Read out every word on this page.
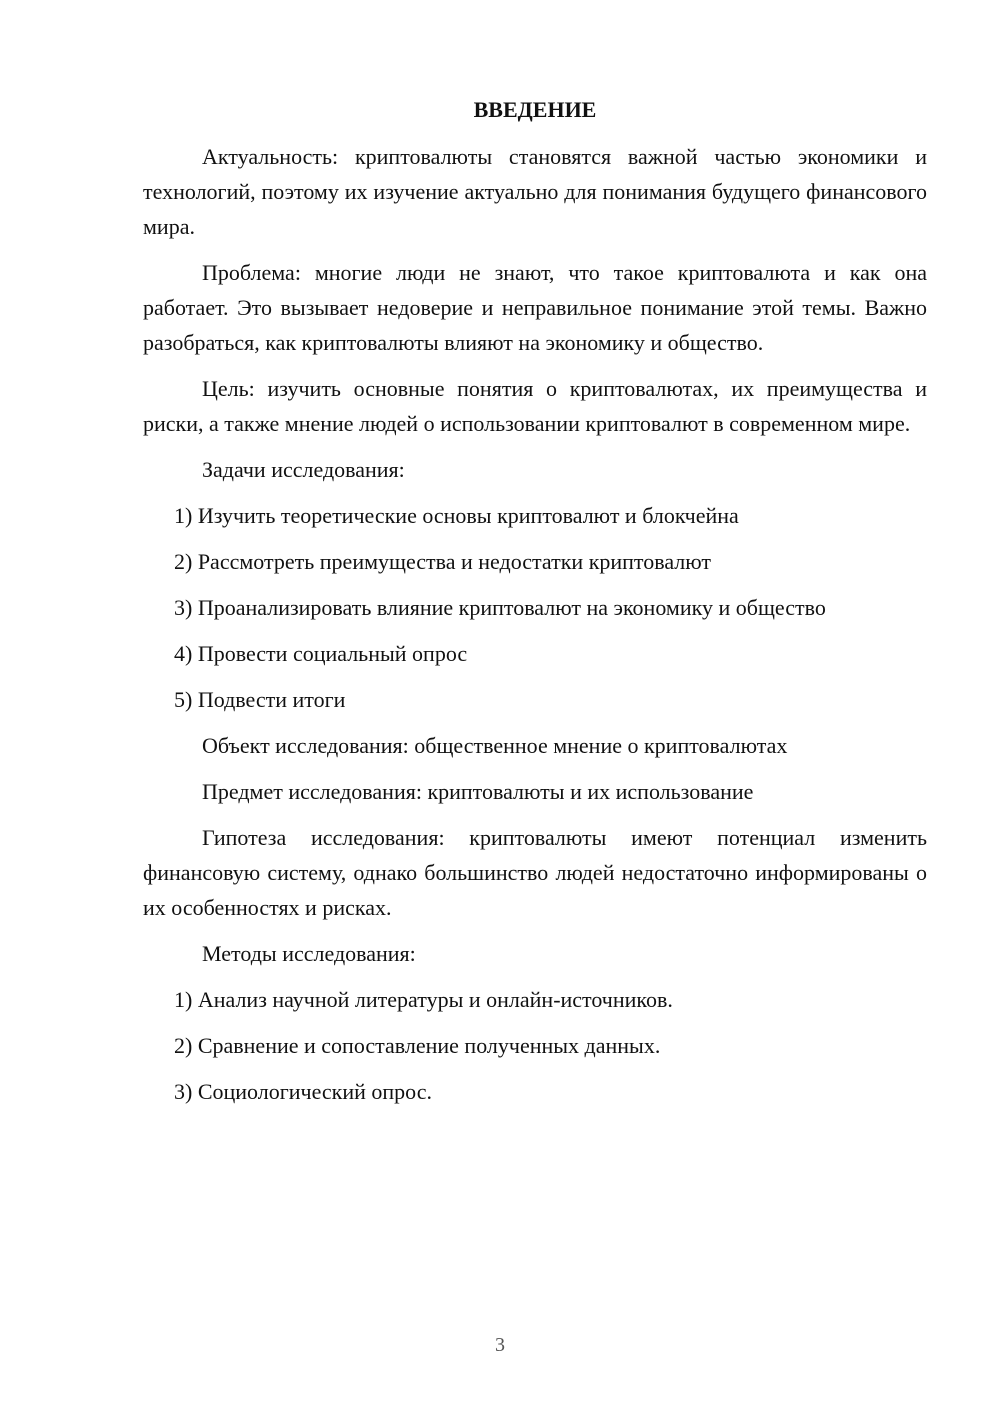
ВВЕДЕНИЕ

Актуальность: криптовалюты становятся важной частью экономики и технологий, поэтому их изучение актуально для понимания будущего финансового мира.

Проблема: многие люди не знают, что такое криптовалюта и как она работает. Это вызывает недоверие и неправильное понимание этой темы. Важно разобраться, как криптовалюты влияют на экономику и общество.

Цель: изучить основные понятия о криптовалютах, их преимущества и риски, а также мнение людей о использовании криптовалют в современном мире.

Задачи исследования:

1) Изучить теоретические основы криптовалют и блокчейна

2) Рассмотреть преимущества и недостатки криптовалют

3) Проанализировать влияние криптовалют на экономику и общество

4) Провести социальный опрос

5) Подвести итоги

Объект исследования: общественное мнение о криптовалютах

Предмет исследования: криптовалюты и их использование

Гипотеза исследования: криптовалюты имеют потенциал изменить финансовую систему, однако большинство людей недостаточно информированы о их особенностях и рисках.

Методы исследования:

1) Анализ научной литературы и онлайн-источников.

2) Сравнение и сопоставление полученных данных.

3) Социологический опрос.

3
